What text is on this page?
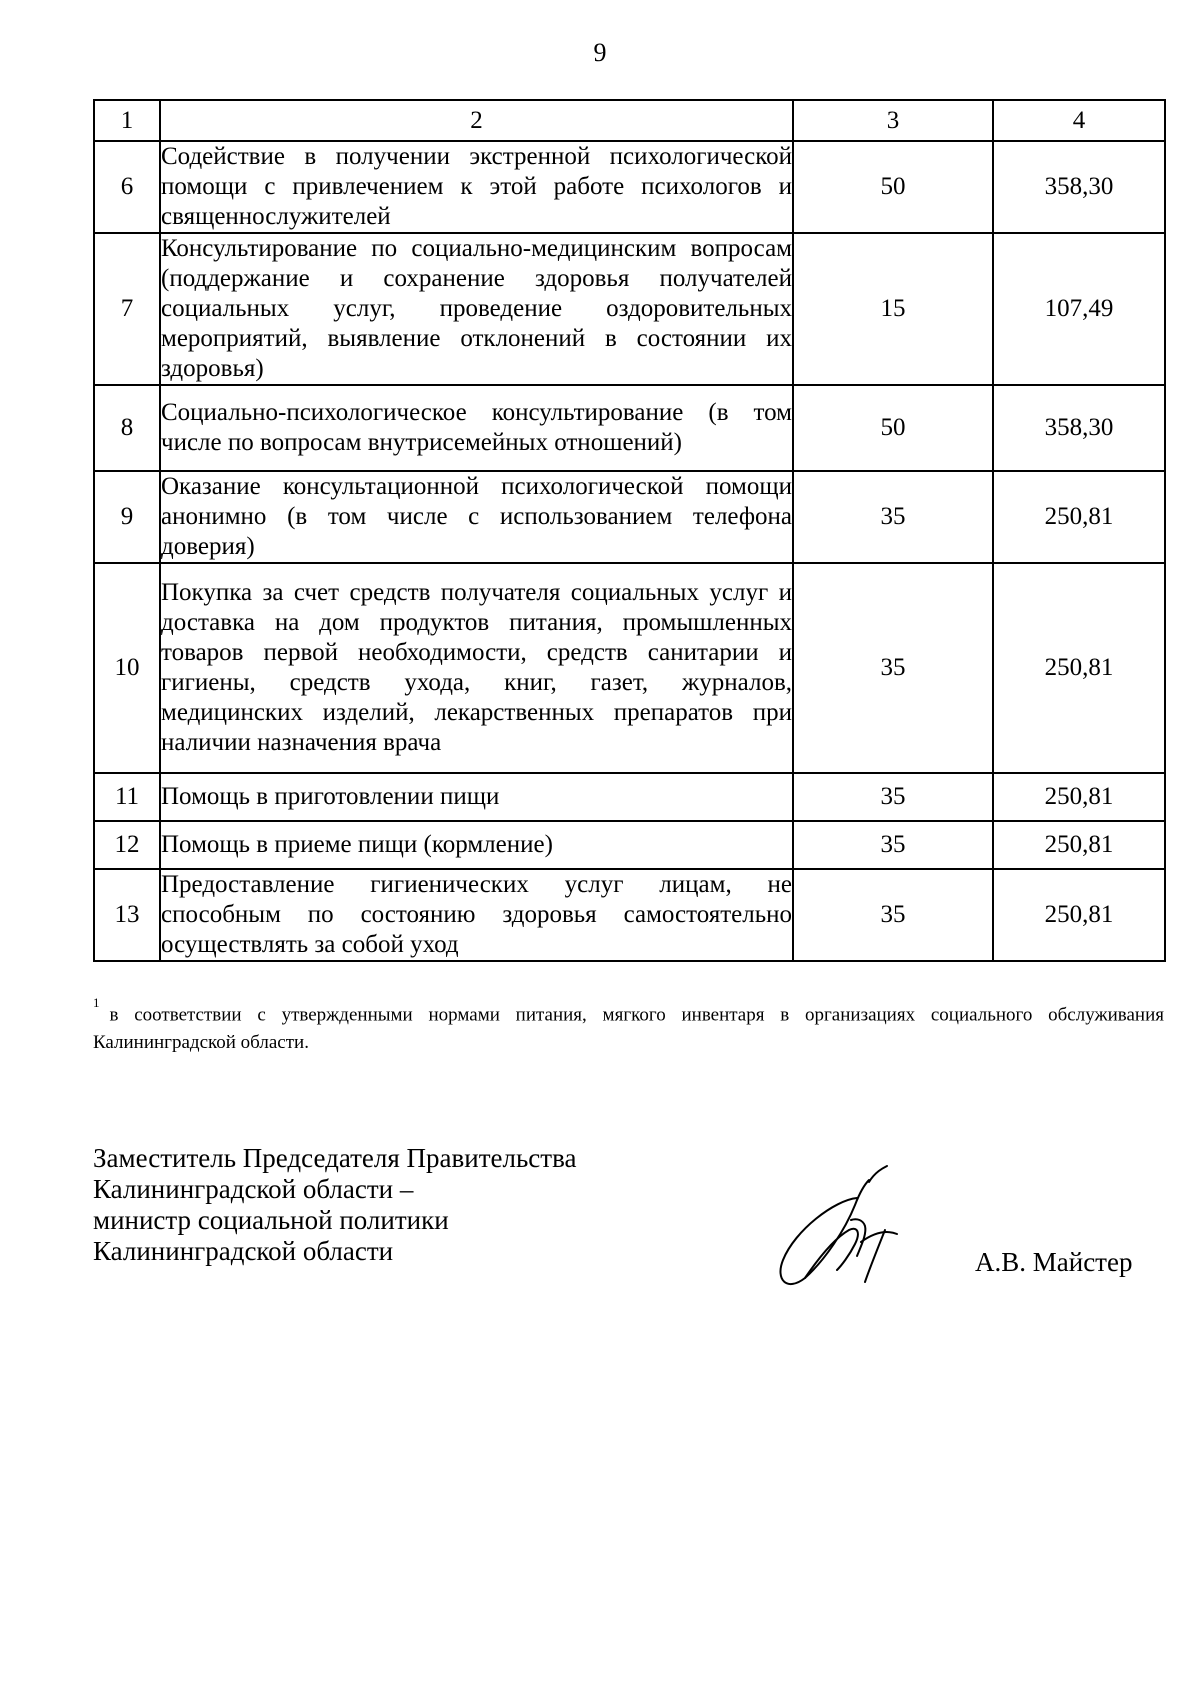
9
1	2	3	4
6	Содействие в получении экстренной психологической помощи с привлечением к этой работе психологов и священнослужителей	50	358,30
7	Консультирование по социально-медицинским вопросам (поддержание и сохранение здоровья получателей социальных услуг, проведение оздоровительных мероприятий, выявление отклонений в состоянии их здоровья)	15	107,49
8	Социально-психологическое консультирование (в том числе по вопросам внутрисемейных отношений)	50	358,30
9	Оказание консультационной психологической помощи анонимно (в том числе с использованием телефона доверия)	35	250,81
10	Покупка за счет средств получателя социальных услуг и доставка на дом продуктов питания, промышленных товаров первой необходимости, средств санитарии и гигиены, средств ухода, книг, газет, журналов, медицинских изделий, лекарственных препаратов при наличии назначения врача	35	250,81
11	Помощь в приготовлении пищи	35	250,81
12	Помощь в приеме пищи (кормление)	35	250,81
13	Предоставление гигиенических услуг лицам, не способным по состоянию здоровья самостоятельно осуществлять за собой уход	35	250,81
$^1$в соответствии с утвержденными нормами питания, мягкого инвентаря в организациях социального обслуживания Калининградской области.
Заместитель Председателя Правительства
Калининградской области –
министр социальной политики
Калининградской области	А.В. Майстер
